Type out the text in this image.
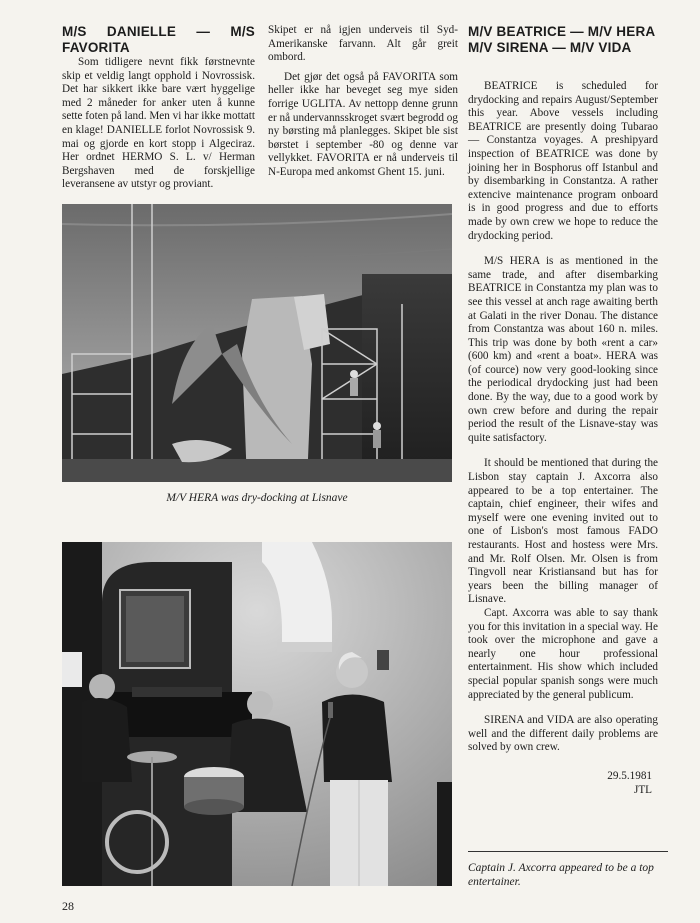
M/S DANIELLE — M/S FAVORITA

Som tidligere nevnt fikk førstnevnte skip et veldig langt opphold i Novrossisk. Det har sikkert ikke bare vært hyggelige med 2 måneder for anker uten å kunne sette foten på land. Men vi har ikke mottatt en klage! DANIELLE forlot Novrossisk 9. mai og gjorde en kort stopp i Algeciraz. Her ordnet HERMO S. L. v/ Herman Bergshaven med de forskjellige leveransene av utstyr og proviant.

Skipet er nå igjen underveis til Syd-Amerikanske farvann. Alt går greit ombord.

Det gjør det også på FAVORITA som heller ikke har beveget seg mye siden forrige UGLITA. Av nettopp denne grunn er nå undervannsskroget svært begrodd og ny børsting må planlegges. Skipet ble sist børstet i september -80 og denne var vellykket. FAVORITA er nå underveis til N-Europa med ankomst Ghent 15. juni.

M/V BEATRICE — M/V HERA
M/V SIRENA — M/V VIDA

BEATRICE is scheduled for drydocking and repairs August/September this year. Above vessels including BEATRICE are presently doing Tubarao — Constantza voyages. A preshipyard inspection of BEATRICE was done by joining her in Bosphorus off Istanbul and by disembarking in Constantza. A rather extencive maintenance program onboard is in good progress and due to efforts made by own crew we hope to reduce the drydocking period.

M/S HERA is as mentioned in the same trade, and after disembarking BEATRICE in Constantza my plan was to see this vessel at anch rage awaiting berth at Galati in the river Donau. The distance from Constantza was about 160 n. miles. This trip was done by both «rent a car» (600 km) and «rent a boat». HERA was (of cource) now very good-looking since the periodical drydocking just had been done. By the way, due to a good work by own crew before and during the repair period the result of the Lisnave-stay was quite satisfactory.

It should be mentioned that during the Lisbon stay captain J. Axcorra also appeared to be a top entertainer. The captain, chief engineer, their wifes and myself were one evening invited out to one of Lisbon's most famous FADO restaurants. Host and hostess were Mrs. and Mr. Rolf Olsen. Mr. Olsen is from Tingvoll near Kristiansand but has for years been the billing manager of Lisnave.

Capt. Axcorra was able to say thank you for this invitation in a special way. He took over the microphone and gave a nearly one hour professional entertainment. His show which included special popular spanish songs were much appreciated by the general publicum.

SIRENA and VIDA are also operating well and the different daily problems are solved by own crew.

29.5.1981
JTL
M/V HERA was dry-docking at Lisnave
Captain J. Axcorra appeared to be a top entertainer.
28
